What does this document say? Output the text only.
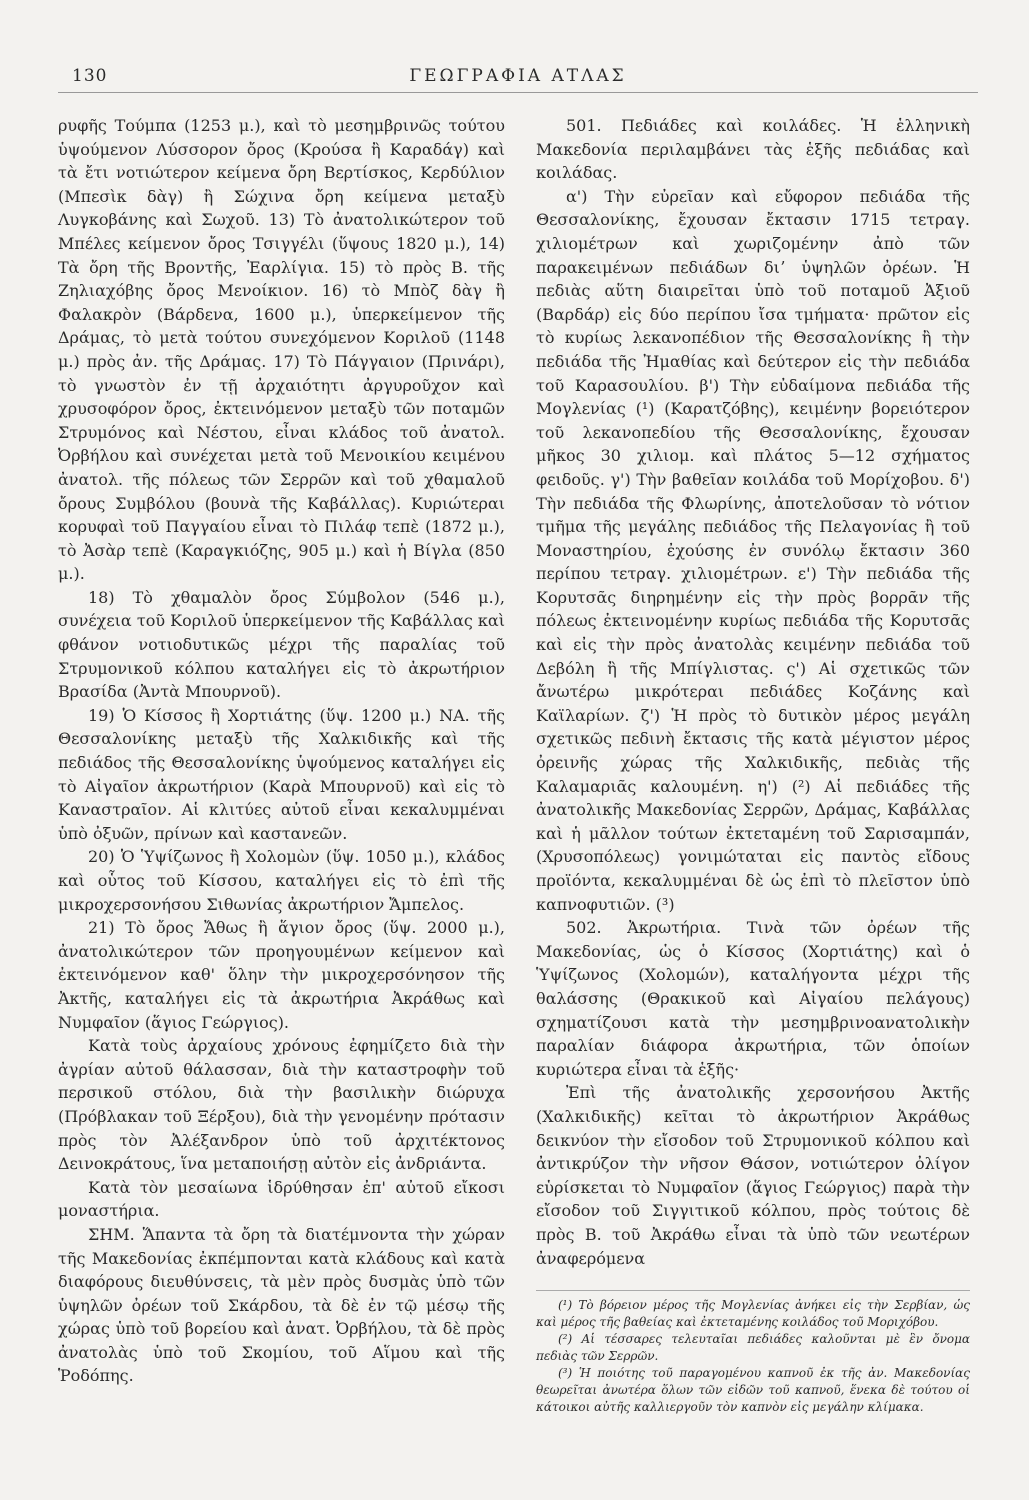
130	ΓΕΩΓΡΑΦΙΑ ΑΤΛΑΣ

ρυφῆς Τούμπα (1253 μ.), καὶ τὸ μεσημβρινῶς τούτου ὑψούμενον Λύσσορον ὄρος (Κρούσα ἢ Καραδάγ) καὶ τὰ ἔτι νοτιώτερον κείμενα ὄρη Βερτίσκος, Κερδύλιον (Μπεσὶκ δὰγ) ἢ Σώχινα ὄρη κείμενα μεταξὺ Λυγκοβάνης καὶ Σωχοῦ. 13) Τὸ ἀνατολικώτερον τοῦ Μπέλες κείμενον ὄρος Τσιγγέλι (ὕψους 1820 μ.), 14) Τὰ ὄρη τῆς Βροντῆς, Ἐαρλίγια. 15) τὸ πρὸς Β. τῆς Ζηλιαχόβης ὄρος Μενοίκιον. 16) τὸ Μπὸζ δὰγ ἢ Φαλακρὸν (Βάρδενα, 1600 μ.), ὑπερκείμενον τῆς Δράμας, τὸ μετὰ τούτου συνεχόμενον Κοριλοῦ (1148 μ.) πρὸς ἀν. τῆς Δράμας. 17) Τὸ Πάγγαιον (Πρινάρι), τὸ γνωστὸν ἐν τῇ ἀρχαιότητι ἀργυροῦχον καὶ χρυσοφόρον ὄρος, ἐκτεινόμενον μεταξὺ τῶν ποταμῶν Στρυμόνος καὶ Νέστου, εἶναι κλάδος τοῦ ἀνατολ. Ὀρβήλου καὶ συνέχεται μετὰ τοῦ Μενοικίου κειμένου ἀνατολ. τῆς πόλεως τῶν Σερρῶν καὶ τοῦ χθαμαλοῦ ὄρους Συμβόλου (βουνὰ τῆς Καβάλλας). Κυριώτεραι κορυφαὶ τοῦ Παγγαίου εἶναι τὸ Πιλάφ τεπὲ (1872 μ.), τὸ Ἀσὰρ τεπὲ (Καραγκιόζης, 905 μ.) καὶ ἡ Βίγλα (850 μ.).

18) Τὸ χθαμαλὸν ὄρος Σύμβολον (546 μ.), συνέχεια τοῦ Κοριλοῦ ὑπερκείμενον τῆς Καβάλλας καὶ φθάνον νοτιοδυτικῶς μέχρι τῆς παραλίας τοῦ Στρυμονικοῦ κόλπου καταλήγει εἰς τὸ ἀκρωτήριον Βρασίδα (Ἀντὰ Μπουρνοῦ).

19) Ὁ Κίσσος ἢ Χορτιάτης (ὕψ. 1200 μ.) ΝΑ. τῆς Θεσσαλονίκης μεταξὺ τῆς Χαλκιδικῆς καὶ τῆς πεδιάδος τῆς Θεσσαλονίκης ὑψούμενος καταλήγει εἰς τὸ Αἰγαῖον ἀκρωτήριον (Καρὰ Μπουρνοῦ) καὶ εἰς τὸ Καναστραῖον. Αἱ κλιτύες αὐτοῦ εἶναι κεκαλυμμέναι ὑπὸ ὀξυῶν, πρίνων καὶ καστανεῶν.

20) Ὁ Ὑψίζωνος ἢ Χολομὼν (ὕψ. 1050 μ.), κλάδος καὶ οὗτος τοῦ Κίσσου, καταλήγει εἰς τὸ ἐπὶ τῆς μικροχερσονήσου Σιθωνίας ἀκρωτήριον Ἄμπελος.

21) Τὸ ὄρος Ἄθως ἢ ἅγιον ὄρος (ὕψ. 2000 μ.), ἀνατολικώτερον τῶν προηγουμένων κείμενον καὶ ἐκτεινόμενον καθ' ὅλην τὴν μικροχερσόνησον τῆς Ἀκτῆς, καταλήγει εἰς τὰ ἀκρωτήρια Ἀκράθως καὶ Νυμφαῖον (ἅγιος Γεώργιος).

Κατὰ τοὺς ἀρχαίους χρόνους ἐφημίζετο διὰ τὴν ἀγρίαν αὐτοῦ θάλασσαν, διὰ τὴν καταστροφὴν τοῦ περσικοῦ στόλου, διὰ τὴν βασιλικὴν διώρυχα (Πρόβλακαν τοῦ Ξέρξου), διὰ τὴν γενομένην πρότασιν πρὸς τὸν Ἀλέξανδρον ὑπὸ τοῦ ἀρχιτέκτονος Δεινοκράτους, ἵνα μεταποιήσῃ αὐτὸν εἰς ἀνδριάντα.

Κατὰ τὸν μεσαίωνα ἱδρύθησαν ἐπ' αὐτοῦ εἴκοσι μοναστήρια.

ΣΗΜ. Ἅπαντα τὰ ὄρη τὰ διατέμνοντα τὴν χώραν τῆς Μακεδονίας ἐκπέμπονται κατὰ κλάδους καὶ κατὰ διαφόρους διευθύνσεις, τὰ μὲν πρὸς δυσμὰς ὑπὸ τῶν ὑψηλῶν ὀρέων τοῦ Σκάρδου, τὰ δὲ ἐν τῷ μέσῳ τῆς χώρας ὑπὸ τοῦ βορείου καὶ ἀνατ. Ὀρβήλου, τὰ δὲ πρὸς ἀνατολὰς ὑπὸ τοῦ Σκομίου, τοῦ Αἵμου καὶ τῆς Ῥοδόπης.

501. Πεδιάδες καὶ κοιλάδες. Ἡ ἑλληνικὴ Μακεδονία περιλαμβάνει τὰς ἑξῆς πεδιάδας καὶ κοιλάδας.

α') Τὴν εὐρεῖαν καὶ εὔφορον πεδιάδα τῆς Θεσσαλονίκης, ἔχουσαν ἔκτασιν 1715 τετραγ. χιλιομέτρων καὶ χωριζομένην ἀπὸ τῶν παρακειμένων πεδιάδων διʼ ὑψηλῶν ὀρέων. Ἡ πεδιὰς αὕτη διαιρεῖται ὑπὸ τοῦ ποταμοῦ Ἀξιοῦ (Βαρδάρ) εἰς δύο περίπου ἴσα τμήματα· πρῶτον εἰς τὸ κυρίως λεκανοπέδιον τῆς Θεσσαλονίκης ἢ τὴν πεδιάδα τῆς Ἠμαθίας καὶ δεύτερον εἰς τὴν πεδιάδα τοῦ Καρασουλίου. β') Τὴν εὐδαίμονα πεδιάδα τῆς Μογλενίας (¹) (Καρατζόβης), κειμένην βορειότερον τοῦ λεκανοπεδίου τῆς Θεσσαλονίκης, ἔχουσαν μῆκος 30 χιλιομ. καὶ πλάτος 5—12 σχήματος φειδοῦς. γ') Τὴν βαθεῖαν κοιλάδα τοῦ Μορίχοβου. δ') Τὴν πεδιάδα τῆς Φλωρίνης, ἀποτελοῦσαν τὸ νότιον τμῆμα τῆς μεγάλης πεδιάδος τῆς Πελαγονίας ἢ τοῦ Μοναστηρίου, ἐχούσης ἐν συνόλῳ ἔκτασιν 360 περίπου τετραγ. χιλιομέτρων. ε') Τὴν πεδιάδα τῆς Κορυτσᾶς διηρημένην εἰς τὴν πρὸς βορρᾶν τῆς πόλεως ἐκτεινομένην κυρίως πεδιάδα τῆς Κορυτσᾶς καὶ εἰς τὴν πρὸς ἀνατολὰς κειμένην πεδιάδα τοῦ Δεβόλη ἢ τῆς Μπίγλιστας. ς') Αἱ σχετικῶς τῶν ἄνωτέρω μικρότεραι πεδιάδες Κοζάνης καὶ Καϊλαρίων. ζ') Ἡ πρὸς τὸ δυτικὸν μέρος μεγάλη σχετικῶς πεδινὴ ἔκτασις τῆς κατὰ μέγιστον μέρος ὀρεινῆς χώρας τῆς Χαλκιδικῆς, πεδιὰς τῆς Καλαμαριᾶς καλουμένη. η') (²) Αἱ πεδιάδες τῆς ἀνατολικῆς Μακεδονίας Σερρῶν, Δράμας, Καβάλλας καὶ ἡ μᾶλλον τούτων ἐκτεταμένη τοῦ Σαρισαμπάν, (Χρυσοπόλεως) γονιμώταται εἰς παντὸς εἴδους προϊόντα, κεκαλυμμέναι δὲ ὡς ἐπὶ τὸ πλεῖστον ὑπὸ καπνοφυτιῶν. (³)

502. Ἀκρωτήρια. Τινὰ τῶν ὀρέων τῆς Μακεδονίας, ὡς ὁ Κίσσος (Χορτιάτης) καὶ ὁ Ὑψίζωνος (Χολομών), καταλήγοντα μέχρι τῆς θαλάσσης (Θρακικοῦ καὶ Αἰγαίου πελάγους) σχηματίζουσι κατὰ τὴν μεσημβρινοανατολικὴν παραλίαν διάφορα ἀκρωτήρια, τῶν ὁποίων κυριώτερα εἶναι τὰ ἑξῆς·

Ἐπὶ τῆς ἀνατολικῆς χερσονήσου Ἀκτῆς (Χαλκιδικῆς) κεῖται τὸ ἀκρωτήριον Ἀκράθως δεικνύον τὴν εἴσοδον τοῦ Στρυμονικοῦ κόλπου καὶ ἀντικρύζον τὴν νῆσον Θάσον, νοτιώτερον ὀλίγον εὑρίσκεται τὸ Νυμφαῖον (ἅγιος Γεώργιος) παρὰ τὴν εἴσοδον τοῦ Σιγγιτικοῦ κόλπου, πρὸς τούτοις δὲ πρὸς Β. τοῦ Ἀκράθω εἶναι τὰ ὑπὸ τῶν νεωτέρων ἀναφερόμενα

(¹) Τὸ βόρειον μέρος τῆς Μογλενίας ἀνήκει εἰς τὴν Σερβίαν, ὡς καὶ μέρος τῆς βαθείας καὶ ἐκτεταμένης κοιλάδος τοῦ Μοριχόβου.

(²) Αἱ τέσσαρες τελευταῖαι πεδιάδες καλοῦνται μὲ ἓν ὄνομα πεδιὰς τῶν Σερρῶν.

(³) Ἡ ποιότης τοῦ παραγομένου καπνοῦ ἐκ τῆς ἀν. Μακεδονίας θεωρεῖται ἀνωτέρα ὅλων τῶν εἰδῶν τοῦ καπνοῦ, ἕνεκα δὲ τούτου οἱ κάτοικοι αὐτῆς καλλιεργοῦν τὸν καπνὸν εἰς μεγάλην κλίμακα.
